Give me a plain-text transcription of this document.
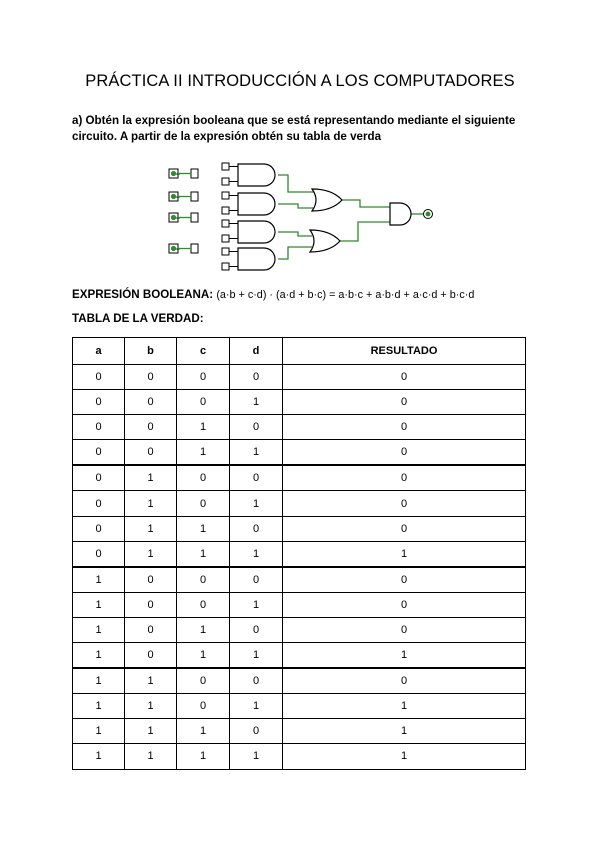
PRÁCTICA II INTRODUCCIÓN A LOS COMPUTADORES
a) Obtén la expresión booleana que se está representando mediante el siguiente circuito. A partir de la expresión obtén su tabla de verda
EXPRESIÓN BOOLEANA: (a·b + c·d) · (a·d + b·c) = a·b·c + a·b·d + a·c·d + b·c·d
TABLA DE LA VERDAD:
a	b	c	d	RESULTADO
0	0	0	0	0
0	0	0	1	0
0	0	1	0	0
0	0	1	1	0
0	1	0	0	0
0	1	0	1	0
0	1	1	0	0
0	1	1	1	1
1	0	0	0	0
1	0	0	1	0
1	0	1	0	0
1	0	1	1	1
1	1	0	0	0
1	1	0	1	1
1	1	1	0	1
1	1	1	1	1
